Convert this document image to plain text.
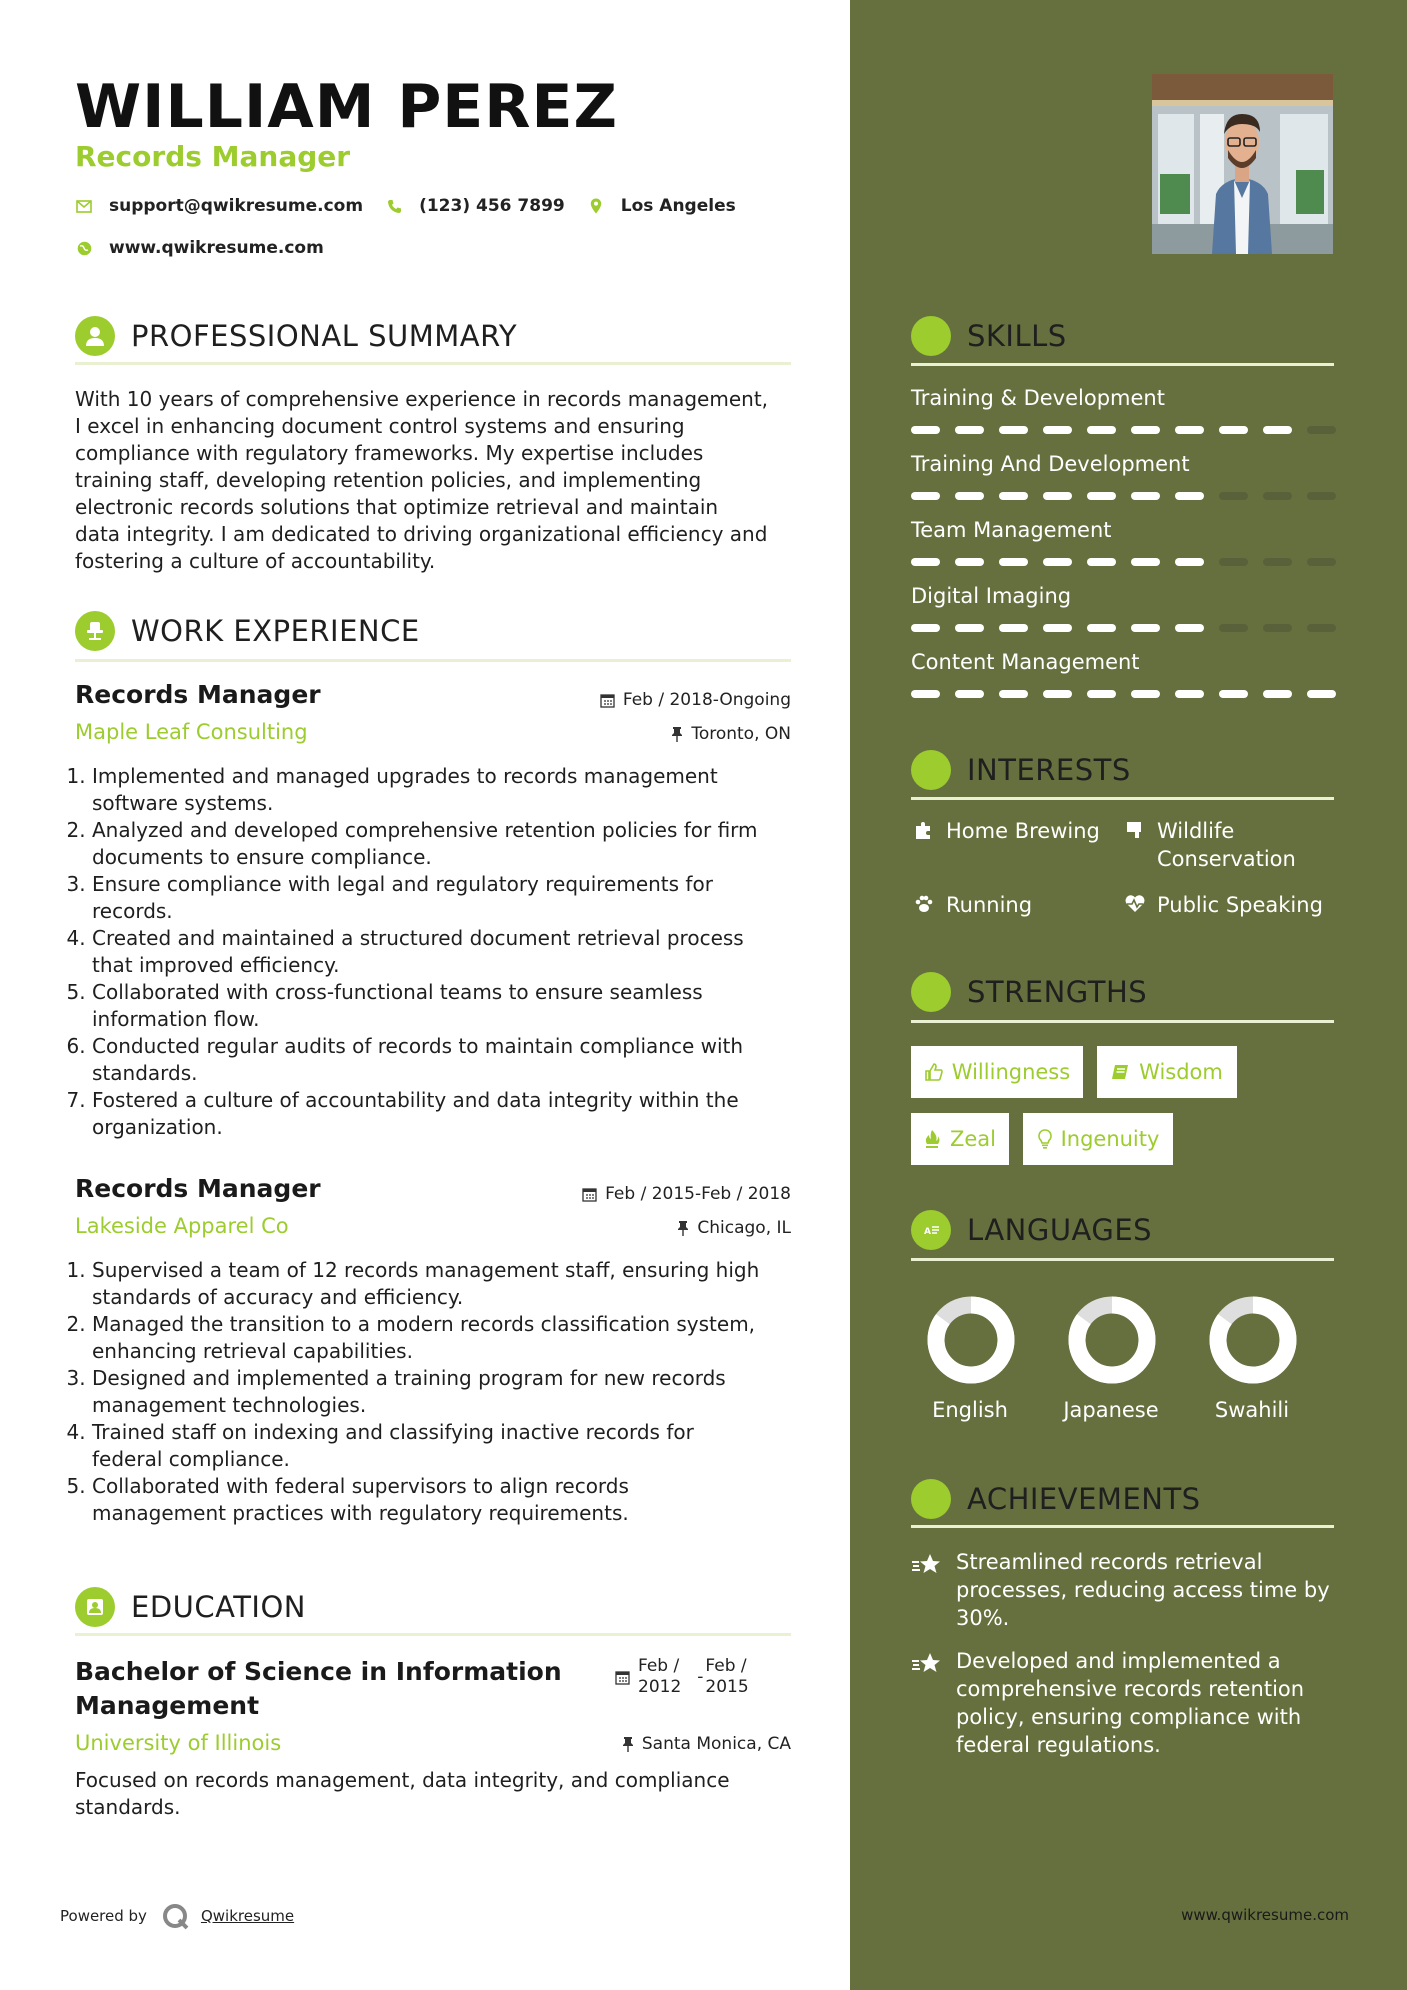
WILLIAM PEREZ
Records Manager
support@qwikresume.com	(123) 456 7899	Los Angeles
www.qwikresume.com
PROFESSIONAL SUMMARY
With 10 years of comprehensive experience in records management,
I excel in enhancing document control systems and ensuring
compliance with regulatory frameworks. My expertise includes
training staff, developing retention policies, and implementing
electronic records solutions that optimize retrieval and maintain
data integrity. I am dedicated to driving organizational efficiency and
fostering a culture of accountability.
WORK EXPERIENCE
Records Manager	Feb / 2018-Ongoing
Maple Leaf Consulting	Toronto, ON
1. Implemented and managed upgrades to records management
software systems.
2. Analyzed and developed comprehensive retention policies for firm
documents to ensure compliance.
3. Ensure compliance with legal and regulatory requirements for
records.
4. Created and maintained a structured document retrieval process
that improved efficiency.
5. Collaborated with cross-functional teams to ensure seamless
information flow.
6. Conducted regular audits of records to maintain compliance with
standards.
7. Fostered a culture of accountability and data integrity within the
organization.
Records Manager	Feb / 2015-Feb / 2018
Lakeside Apparel Co	Chicago, IL
1. Supervised a team of 12 records management staff, ensuring high
standards of accuracy and efficiency.
2. Managed the transition to a modern records classification system,
enhancing retrieval capabilities.
3. Designed and implemented a training program for new records
management technologies.
4. Trained staff on indexing and classifying inactive records for
federal compliance.
5. Collaborated with federal supervisors to align records
management practices with regulatory requirements.
EDUCATION
Bachelor of Science in Information
Management
Feb /
2012 -
Feb /
2015
University of Illinois	Santa Monica, CA
Focused on records management, data integrity, and compliance
standards.
Powered by	Qwikresume	www.qwikresume.com
SKILLS
Training & Development
Training And Development
Team Management
Digital Imaging
Content Management
INTERESTS
Home Brewing	Wildlife
Conservation
Running	Public Speaking
STRENGTHS
Willingness	Wisdom
Zeal	Ingenuity
A LANGUAGES
English	Japanese	Swahili
ACHIEVEMENTS
Streamlined records retrieval
processes, reducing access time by
30%.
Developed and implemented a
comprehensive records retention
policy, ensuring compliance with
federal regulations.
